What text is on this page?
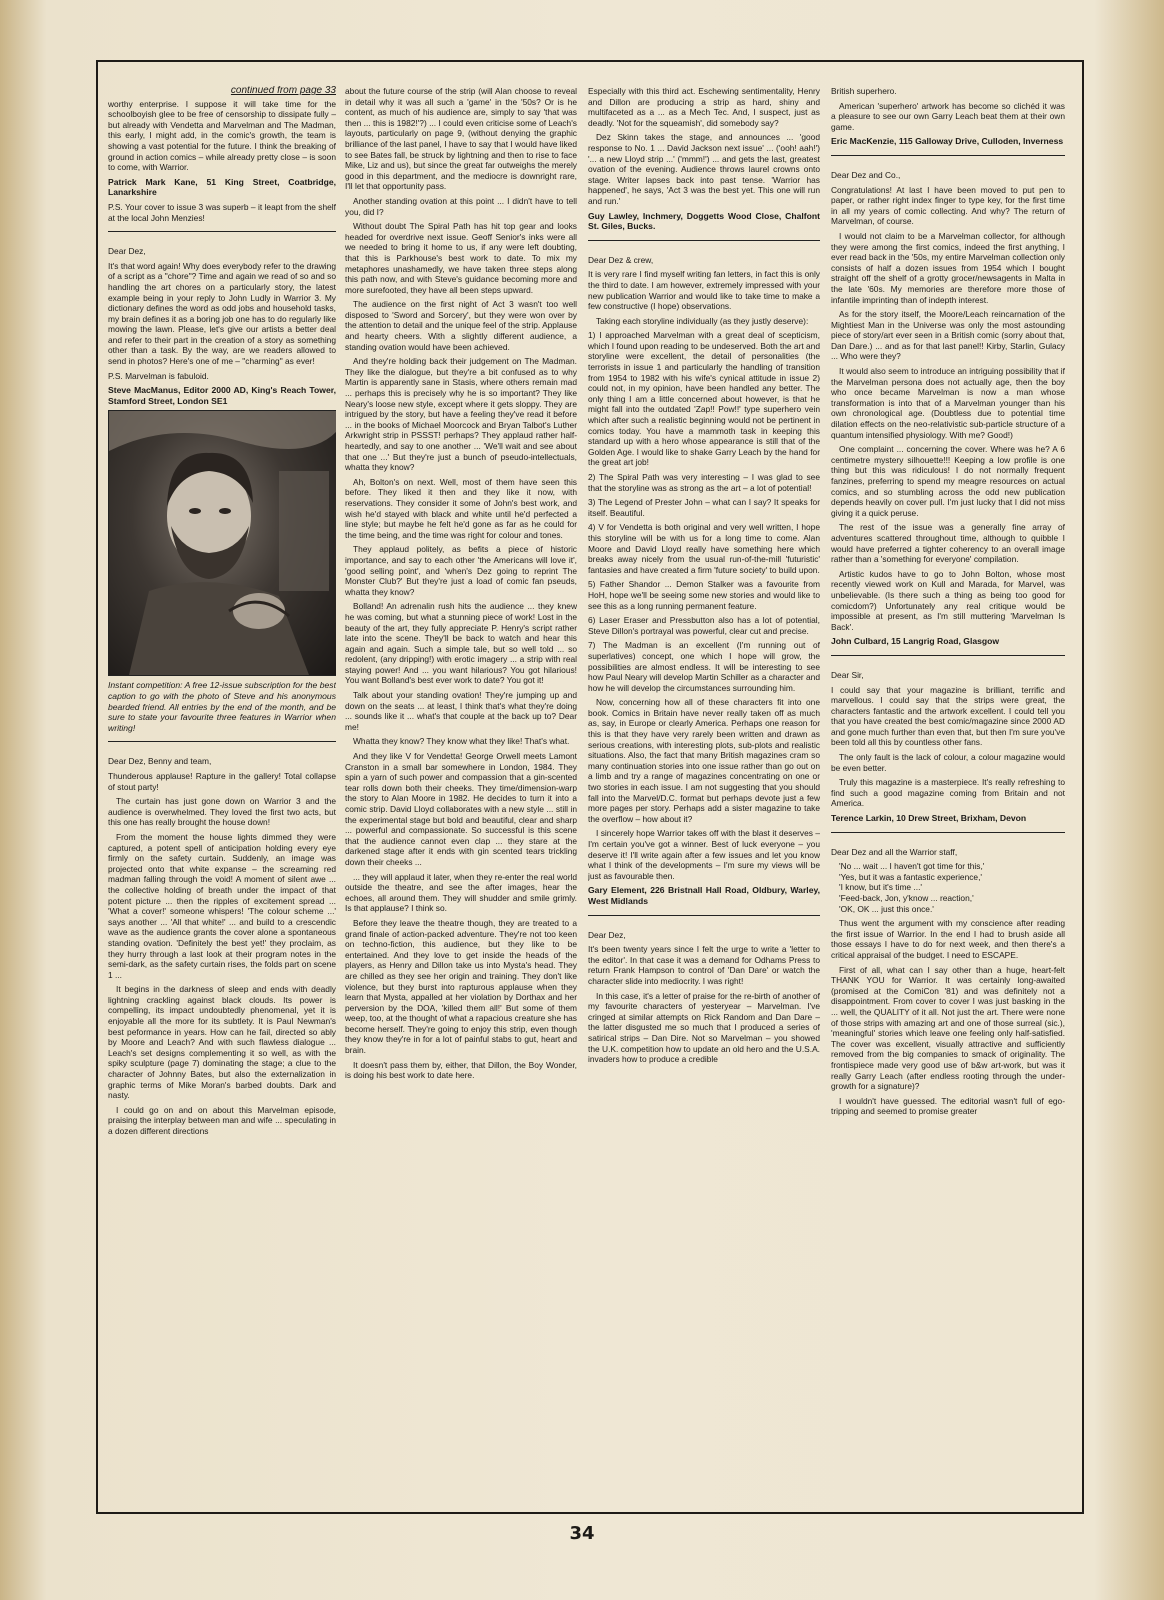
continued from page 33

worthy enterprise. I suppose it will take time for the schoolboyish glee to be free of censorship to dissipate fully – but already with Vendetta and Marvelman and The Madman, this early, I might add, in the comic's growth, the team is showing a vast potential for the future. I think the breaking of ground in action comics – while already pretty close – is soon to come, with Warrior.

Patrick Mark Kane, 51 King Street, Coatbridge, Lanarkshire

P.S. Your cover to issue 3 was superb – it leapt from the shelf at the local John Menzies!

Dear Dez,

It's that word again! Why does everybody refer to the drawing of a script as a "chore"? Time and again we read of so and so handling the art chores on a particularly story, the latest example being in your reply to John Ludly in Warrior 3. My dictionary defines the word as odd jobs and household tasks, my brain defines it as a boring job one has to do regularly like mowing the lawn. Please, let's give our artists a better deal and refer to their part in the creation of a story as something other than a task. By the way, are we readers allowed to send in photos? Here's one of me – "charming" as ever!

P.S. Marvelman is fabuloid.

Steve MacManus, Editor 2000 AD, King's Reach Tower, Stamford Street, London SE1

Instant competition: A free 12-issue subscription for the best caption to go with the photo of Steve and his anonymous bearded friend. All entries by the end of the month, and be sure to state your favourite three features in Warrior when writing!

Dear Dez, Benny and team,

Thunderous applause! Rapture in the gallery! Total collapse of stout party!

The curtain has just gone down on Warrior 3 and the audience is overwhelmed. They loved the first two acts, but this one has really brought the house down!

From the moment the house lights dimmed they were captured, a potent spell of anticipation holding every eye firmly on the safety curtain. Suddenly, an image was projected onto that white expanse – the screaming red madman falling through the void! A moment of silent awe ... the collective holding of breath under the impact of that potent picture ... then the ripples of excitement spread ... 'What a cover!' someone whispers! 'The colour scheme ...' says another ... 'All that white!' ... and build to a crescendic wave as the audience grants the cover alone a spontaneous standing ovation. 'Definitely the best yet!' they proclaim, as they hurry through a last look at their program notes in the semi-dark, as the safety curtain rises, the folds part on scene 1 ...

It begins in the darkness of sleep and ends with deadly lightning crackling against black clouds. Its power is compelling, its impact undoubtedly phenomenal, yet it is enjoyable all the more for its subtlety. It is Paul Newman's best peformance in years. How can he fail, directed so ably by Moore and Leach? And with such flawless dialogue ... Leach's set designs complementing it so well, as with the spiky sculpture (page 7) dominating the stage; a clue to the character of Johnny Bates, but also the externalization in graphic terms of Mike Moran's barbed doubts. Dark and nasty.

I could go on and on about this Marvelman episode, praising the interplay between man and wife ... speculating in a dozen different directions

about the future course of the strip (will Alan choose to reveal in detail why it was all such a 'game' in the '50s? Or is he content, as much of his audience are, simply to say 'that was then ... this is 1982!'?) ... I could even criticise some of Leach's layouts, particularly on page 9, (without denying the graphic brilliance of the last panel, I have to say that I would have liked to see Bates fall, be struck by lightning and then to rise to face Mike, Liz and us), but since the great far outweighs the merely good in this department, and the mediocre is downright rare, I'll let that opportunity pass.

Another standing ovation at this point ... I didn't have to tell you, did I?

Without doubt The Spiral Path has hit top gear and looks headed for overdrive next issue. Geoff Senior's inks were all we needed to bring it home to us, if any were left doubting, that this is Parkhouse's best work to date. To mix my metaphores unashamedly, we have taken three steps along this path now, and with Steve's guidance becoming more and more surefooted, they have all been steps upward.

The audience on the first night of Act 3 wasn't too well disposed to 'Sword and Sorcery', but they were won over by the attention to detail and the unique feel of the strip. Applause and hearty cheers. With a slightly different audience, a standing ovation would have been achieved.

And they're holding back their judgement on The Madman. They like the dialogue, but they're a bit confused as to why Martin is apparently sane in Stasis, where others remain mad ... perhaps this is precisely why he is so important? They like Neary's loose new style, except where it gets sloppy. They are intrigued by the story, but have a feeling they've read it before ... in the books of Michael Moorcock and Bryan Talbot's Luther Arkwright strip in PSSST! perhaps? They applaud rather half-heartedly, and say to one another ... 'We'll wait and see about that one ...' But they're just a bunch of pseudo-intellectuals, whatta they know?

Ah, Bolton's on next. Well, most of them have seen this before. They liked it then and they like it now, with reservations. They consider it some of John's best work, and wish he'd stayed with black and white until he'd perfected a line style; but maybe he felt he'd gone as far as he could for the time being, and the time was right for colour and tones.

They applaud politely, as befits a piece of historic importance, and say to each other 'the Americans will love it', 'good selling point', and 'when's Dez going to reprint The Monster Club?' But they're just a load of comic fan pseuds, whatta they know?

Bolland! An adrenalin rush hits the audience ... they knew he was coming, but what a stunning piece of work! Lost in the beauty of the art, they fully appreciate P. Henry's script rather late into the scene. They'll be back to watch and hear this again and again. Such a simple tale, but so well told ... so redolent, (any dripping!) with erotic imagery ... a strip with real staying power! And ... you want hilarious? You got hilarious! You want Bolland's best ever work to date? You got it!

Talk about your standing ovation! They're jumping up and down on the seats ... at least, I think that's what they're doing ... sounds like it ... what's that couple at the back up to? Dear me!

Whatta they know? They know what they like! That's what.

And they like V for Vendetta! George Orwell meets Lamont Cranston in a small bar somewhere in London, 1984. They spin a yarn of such power and compassion that a gin-scented tear rolls down both their cheeks. They time/dimension-warp the story to Alan Moore in 1982. He decides to turn it into a comic strip. David Lloyd collaborates with a new style ... still in the experimental stage but bold and beautiful, clear and sharp ... powerful and compassionate. So successful is this scene that the audience cannot even clap ... they stare at the darkened stage after it ends with gin scented tears trickling down their cheeks ...

... they will applaud it later, when they re-enter the real world outside the theatre, and see the after images, hear the echoes, all around them. They will shudder and smile grimly. Is that applause? I think so.

Before they leave the theatre though, they are treated to a grand finale of action-packed adventure. They're not too keen on techno-fiction, this audience, but they like to be entertained. And they love to get inside the heads of the players, as Henry and Dillon take us into Mysta's head. They are chilled as they see her origin and training. They don't like violence, but they burst into rapturous applause when they learn that Mysta, appalled at her violation by Dorthax and her perversion by the DOA, 'killed them all!' But some of them weep, too, at the thought of what a rapacious creature she has become herself. They're going to enjoy this strip, even though they know they're in for a lot of painful stabs to gut, heart and brain.

It doesn't pass them by, either, that Dillon, the Boy Wonder, is doing his best work to date here.

Especially with this third act. Eschewing sentimentality, Henry and Dillon are producing a strip as hard, shiny and multifaceted as a ... as a Mech Tec. And, I suspect, just as deadly. 'Not for the squeamish', did somebody say?

Dez Skinn takes the stage, and announces ... 'good response to No. 1 ... David Jackson next issue' ... ('ooh! aah!') '... a new Lloyd strip ...' ('mmm!') ... and gets the last, greatest ovation of the evening. Audience throws laurel crowns onto stage. Writer lapses back into past tense. 'Warrior has happened', he says, 'Act 3 was the best yet. This one will run and run.'

Guy Lawley, Inchmery, Doggetts Wood Close, Chalfont St. Giles, Bucks.

Dear Dez & crew,

It is very rare I find myself writing fan letters, in fact this is only the third to date. I am however, extremely impressed with your new publication Warrior and would like to take time to make a few constructive (I hope) observations.

Taking each storyline individually (as they justly deserve):

1) I approached Marvelman with a great deal of scepticism, which I found upon reading to be undeserved. Both the art and storyline were excellent, the detail of personalities (the terrorists in issue 1 and particularly the handling of transition from 1954 to 1982 with his wife's cynical attitude in issue 2) could not, in my opinion, have been handled any better. The only thing I am a little concerned about however, is that he might fall into the outdated 'Zap!! Pow!!' type superhero vein which after such a realistic beginning would not be pertinent in comics today. You have a mammoth task in keeping this standard up with a hero whose appearance is still that of the Golden Age. I would like to shake Garry Leach by the hand for the great art job!

2) The Spiral Path was very interesting – I was glad to see that the storyline was as strong as the art – a lot of potential!

3) The Legend of Prester John – what can I say? It speaks for itself. Beautiful.

4) V for Vendetta is both original and very well written, I hope this storyline will be with us for a long time to come. Alan Moore and David Lloyd really have something here which breaks away nicely from the usual run-of-the-mill 'futuristic' fantasies and have created a firm 'future society' to build upon.

5) Father Shandor ... Demon Stalker was a favourite from HoH, hope we'll be seeing some new stories and would like to see this as a long running permanent feature.

6) Laser Eraser and Pressbutton also has a lot of potential, Steve Dillon's portrayal was powerful, clear cut and precise.

7) The Madman is an excellent (I'm running out of superlatives) concept, one which I hope will grow, the possibilities are almost endless. It will be interesting to see how Paul Neary will develop Martin Schiller as a character and how he will develop the circumstances surrounding him.

Now, concerning how all of these characters fit into one book. Comics in Britain have never really taken off as much as, say, in Europe or clearly America. Perhaps one reason for this is that they have very rarely been written and drawn as serious creations, with interesting plots, sub-plots and realistic situations. Also, the fact that many British magazines cram so many continuation stories into one issue rather than go out on a limb and try a range of magazines concentrating on one or two stories in each issue. I am not suggesting that you should fall into the Marvel/D.C. format but perhaps devote just a few more pages per story. Perhaps add a sister magazine to take the overflow – how about it?

I sincerely hope Warrior takes off with the blast it deserves – I'm certain you've got a winner. Best of luck everyone – you deserve it! I'll write again after a few issues and let you know what I think of the developments – I'm sure my views will be just as favourable then.

Gary Element, 226 Bristnall Hall Road, Oldbury, Warley, West Midlands

Dear Dez,

It's been twenty years since I felt the urge to write a 'letter to the editor'. In that case it was a demand for Odhams Press to return Frank Hampson to control of 'Dan Dare' or watch the character slide into mediocrity. I was right!

In this case, it's a letter of praise for the re-birth of another of my favourite characters of yesteryear – Marvelman. I've cringed at similar attempts on Rick Random and Dan Dare – the latter disgusted me so much that I produced a series of satirical strips – Dan Dire. Not so Marvelman – you showed the U.K. competition how to update an old hero and the U.S.A. invaders how to produce a credible

British superhero.

American 'superhero' artwork has become so clichéd it was a pleasure to see our own Garry Leach beat them at their own game.

Eric MacKenzie, 115 Galloway Drive, Culloden, Inverness

Dear Dez and Co.,

Congratulations! At last I have been moved to put pen to paper, or rather right index finger to type key, for the first time in all my years of comic collecting. And why? The return of Marvelman, of course.

I would not claim to be a Marvelman collector, for although they were among the first comics, indeed the first anything, I ever read back in the '50s, my entire Marvelman collection only consists of half a dozen issues from 1954 which I bought straight off the shelf of a grotty grocer/newsagents in Malta in the late '60s. My memories are therefore more those of infantile imprinting than of indepth interest.

As for the story itself, the Moore/Leach reincarnation of the Mightiest Man in the Universe was only the most astounding piece of story/art ever seen in a British comic (sorry about that, Dan Dare.) ... and as for that last panel!! Kirby, Starlin, Gulacy ... Who were they?

It would also seem to introduce an intriguing possibility that if the Marvelman persona does not actually age, then the boy who once became Marvelman is now a man whose transformation is into that of a Marvelman younger than his own chronological age. (Doubtless due to potential time dilation effects on the neo-relativistic sub-particle structure of a quantum intensified physiology. With me? Good!)

One complaint ... concerning the cover. Where was he? A 6 centimetre mystery silhouette!!! Keeping a low profile is one thing but this was ridiculous! I do not normally frequent fanzines, preferring to spend my meagre resources on actual comics, and so stumbling across the odd new publication depends heavily on cover pull. I'm just lucky that I did not miss giving it a quick peruse.

The rest of the issue was a generally fine array of adventures scattered throughout time, although to quibble I would have preferred a tighter coherency to an overall image rather than a 'something for everyone' compilation.

Artistic kudos have to go to John Bolton, whose most recently viewed work on Kull and Marada, for Marvel, was unbelievable. (Is there such a thing as being too good for comicdom?) Unfortunately any real critique would be impossible at present, as I'm still muttering 'Marvelman Is Back'.

John Culbard, 15 Langrig Road, Glasgow

Dear Sir,

I could say that your magazine is brilliant, terrific and marvellous. I could say that the strips were great, the characters fantastic and the artwork excellent. I could tell you that you have created the best comic/magazine since 2000 AD and gone much further than even that, but then I'm sure you've been told all this by countless other fans.

The only fault is the lack of colour, a colour magazine would be even better.

Truly this magazine is a masterpiece. It's really refreshing to find such a good magazine coming from Britain and not America.

Terence Larkin, 10 Drew Street, Brixham, Devon

Dear Dez and all the Warrior staff,

'No ... wait ... I haven't got time for this,'

'Yes, but it was a fantastic experience,'

'I know, but it's time ...'

'Feed-back, Jon, y'know ... reaction,'

'OK, OK ... just this once.'

Thus went the argument with my conscience after reading the first issue of Warrior. In the end I had to brush aside all those essays I have to do for next week, and then there's a critical appraisal of the budget. I need to ESCAPE.

First of all, what can I say other than a huge, heart-felt THANK YOU for Warrior. It was certainly long-awaited (promised at the ComiCon '81) and was definitely not a disappointment. From cover to cover I was just basking in the ... well, the QUALITY of it all. Not just the art. There were none of those strips with amazing art and one of those surreal (sic.), 'meaningful' stories which leave one feeling only half-satisfied. The cover was excellent, visually attractive and sufficiently removed from the big companies to smack of originality. The frontispiece made very good use of b&w art-work, but was it really Garry Leach (after endless rooting through the under-growth for a signature)?

I wouldn't have guessed. The editorial wasn't full of ego-tripping and seemed to promise greater

34
